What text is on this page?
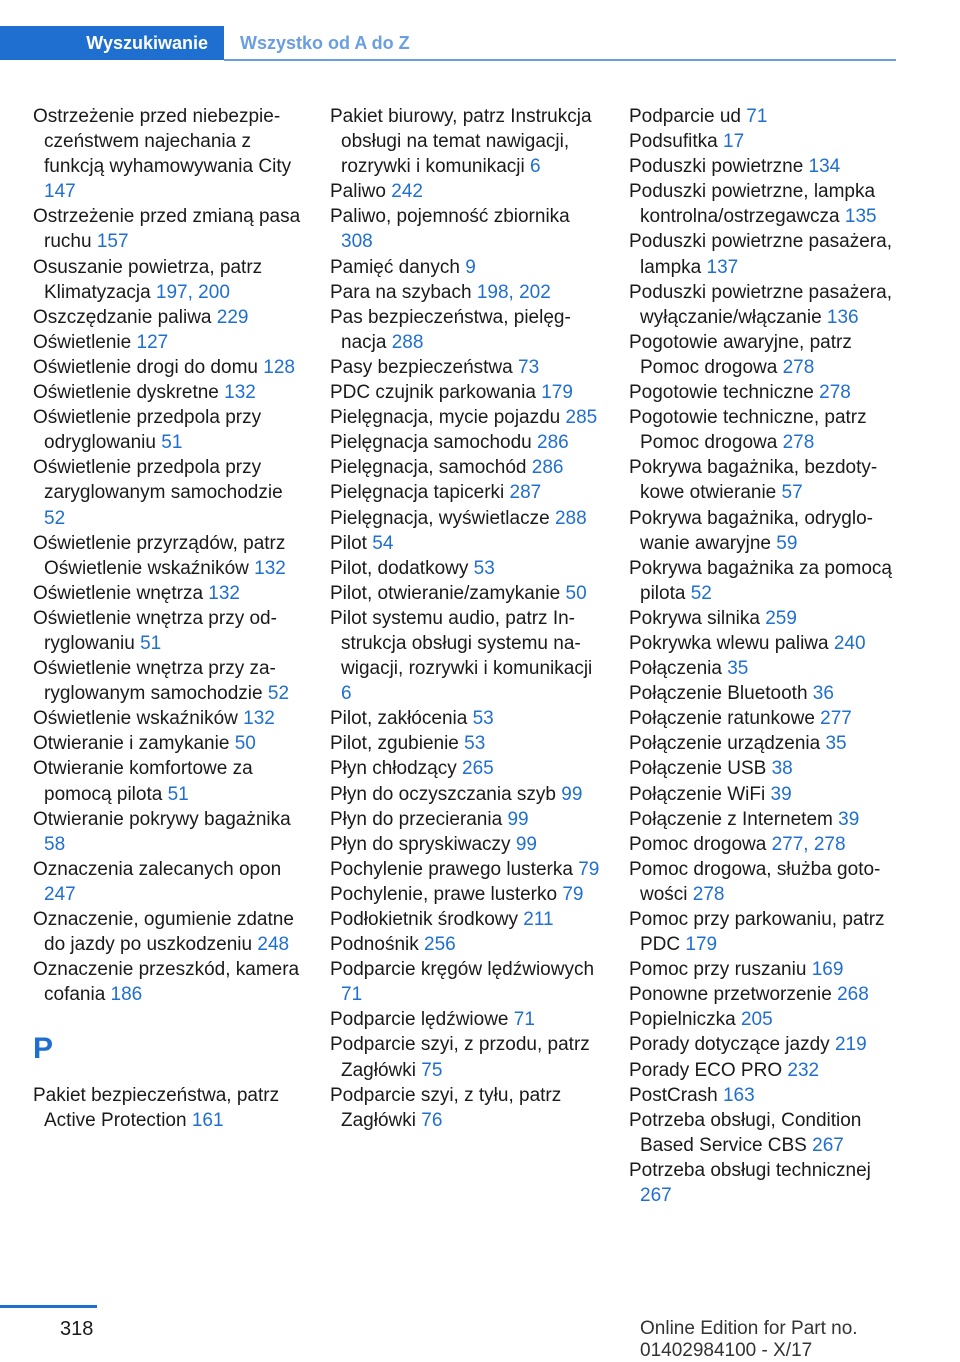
Wyszukiwanie	Wszystko od A do Z
Ostrzeżenie przed niebezpieczeństwem najechania z funkcją wyhamowywania City 147
Ostrzeżenie przed zmianą pasa ruchu 157
Osuszanie powietrza, patrz Klimatyzacja 197, 200
Oszczędzanie paliwa 229
Oświetlenie 127
Oświetlenie drogi do domu 128
Oświetlenie dyskretne 132
Oświetlenie przedpola przy odryglowaniu 51
Oświetlenie przedpola przy zaryglowanym samochodzie 52
Oświetlenie przyrządów, patrz Oświetlenie wskaźników 132
Oświetlenie wnętrza 132
Oświetlenie wnętrza przy odryglowaniu 51
Oświetlenie wnętrza przy zaryglowanym samochodzie 52
Oświetlenie wskaźników 132
Otwieranie i zamykanie 50
Otwieranie komfortowe za pomocą pilota 51
Otwieranie pokrywy bagażnika 58
Oznaczenia zalecanych opon 247
Oznaczenie, ogumienie zdatne do jazdy po uszkodzeniu 248
Oznaczenie przeszkód, kamera cofania 186
P
Pakiet bezpieczeństwa, patrz Active Protection 161
Pakiet biurowy, patrz Instrukcja obsługi na temat nawigacji, rozrywki i komunikacji 6
Paliwo 242
Paliwo, pojemność zbiornika 308
Pamięć danych 9
Para na szybach 198, 202
Pas bezpieczeństwa, pielęgnacja 288
Pasy bezpieczeństwa 73
PDC czujnik parkowania 179
Pielęgnacja, mycie pojazdu 285
Pielęgnacja samochodu 286
Pielęgnacja, samochód 286
Pielęgnacja tapicerki 287
Pielęgnacja, wyświetlacze 288
Pilot 54
Pilot, dodatkowy 53
Pilot, otwieranie/zamykanie 50
Pilot systemu audio, patrz Instrukcja obsługi systemu nawigacji, rozrywki i komunikacji 6
Pilot, zakłócenia 53
Pilot, zgubienie 53
Płyn chłodzący 265
Płyn do oczyszczania szyb 99
Płyn do przecierania 99
Płyn do spryskiwaczy 99
Pochylenie prawego lusterka 79
Pochylenie, prawe lusterko 79
Podłokietnik środkowy 211
Podnośnik 256
Podparcie kręgów lędźwiowych 71
Podparcie lędźwiowe 71
Podparcie szyi, z przodu, patrz Zagłówki 75
Podparcie szyi, z tyłu, patrz Zagłówki 76
Podparcie ud 71
Podsufitka 17
Poduszki powietrzne 134
Poduszki powietrzne, lampka kontrolna/ostrzegawcza 135
Poduszki powietrzne pasażera, lampka 137
Poduszki powietrzne pasażera, wyłączanie/włączanie 136
Pogotowie awaryjne, patrz Pomoc drogowa 278
Pogotowie techniczne 278
Pogotowie techniczne, patrz Pomoc drogowa 278
Pokrywa bagażnika, bezdotykowe otwieranie 57
Pokrywa bagażnika, odryglowanie awaryjne 59
Pokrywa bagażnika za pomocą pilota 52
Pokrywa silnika 259
Pokrywka wlewu paliwa 240
Połączenia 35
Połączenie Bluetooth 36
Połączenie ratunkowe 277
Połączenie urządzenia 35
Połączenie USB 38
Połączenie WiFi 39
Połączenie z Internetem 39
Pomoc drogowa 277, 278
Pomoc drogowa, służba gotowości 278
Pomoc przy parkowaniu, patrz PDC 179
Pomoc przy ruszaniu 169
Ponowne przetworzenie 268
Popielniczka 205
Porady dotyczące jazdy 219
Porady ECO PRO 232
PostCrash 163
Potrzeba obsługi, Condition Based Service CBS 267
Potrzeba obsługi technicznej 267
318	Online Edition for Part no. 01402984100 - X/17
